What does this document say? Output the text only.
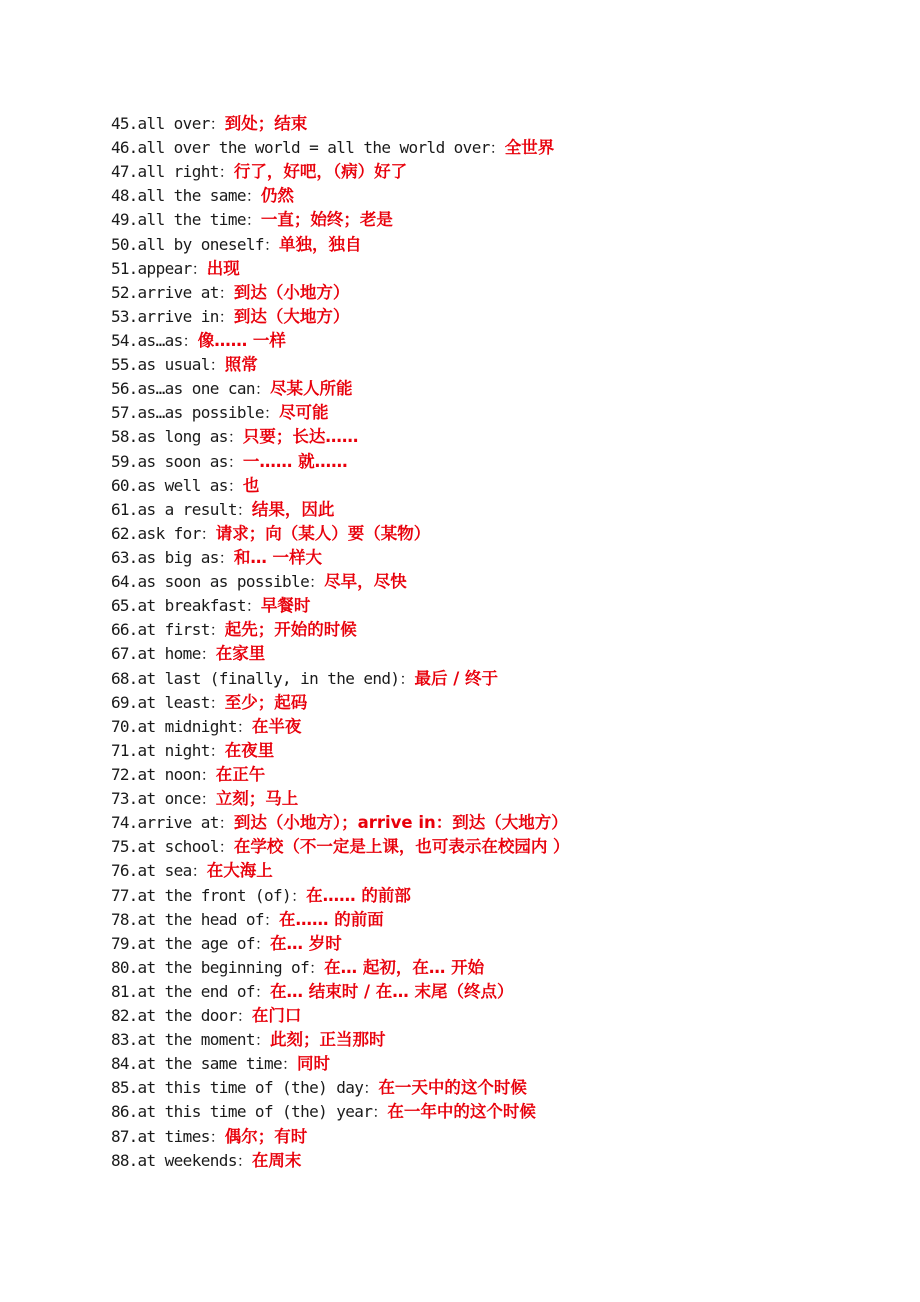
45.all over：到处；结束
46.all over the world = all the world over：全世界
47.all right：行了，好吧，（病）好了
48.all the same：仍然
49.all the time：一直；始终；老是
50.all by oneself：单独，独自
51.appear：出现
52.arrive at：到达（小地方）
53.arrive in：到达（大地方）
54.as…as：像…… 一样
55.as usual：照常
56.as…as one can：尽某人所能
57.as…as possible：尽可能
58.as long as：只要；长达……
59.as soon as：一…… 就……
60.as well as：也
61.as a result：结果，因此
62.ask for：请求；向（某人）要（某物）
63.as big as：和… 一样大
64.as soon as possible：尽早，尽快
65.at breakfast：早餐时
66.at first：起先；开始的时候
67.at home：在家里
68.at last (finally, in the end)：最后 / 终于
69.at least：至少；起码
70.at midnight：在半夜
71.at night：在夜里
72.at noon：在正午
73.at once：立刻；马上
74.arrive at：到达（小地方）；arrive in：到达（大地方）
75.at school：在学校（不一定是上课，也可表示在校园内 ）
76.at sea：在大海上
77.at the front (of)：在…… 的前部
78.at the head of：在…… 的前面
79.at the age of：在… 岁时
80.at the beginning of：在… 起初，在… 开始
81.at the end of：在… 结束时 / 在… 末尾（终点）
82.at the door：在门口
83.at the moment：此刻；正当那时
84.at the same time：同时
85.at this time of (the) day：在一天中的这个时候
86.at this time of (the) year：在一年中的这个时候
87.at times：偶尔；有时
88.at weekends：在周末
